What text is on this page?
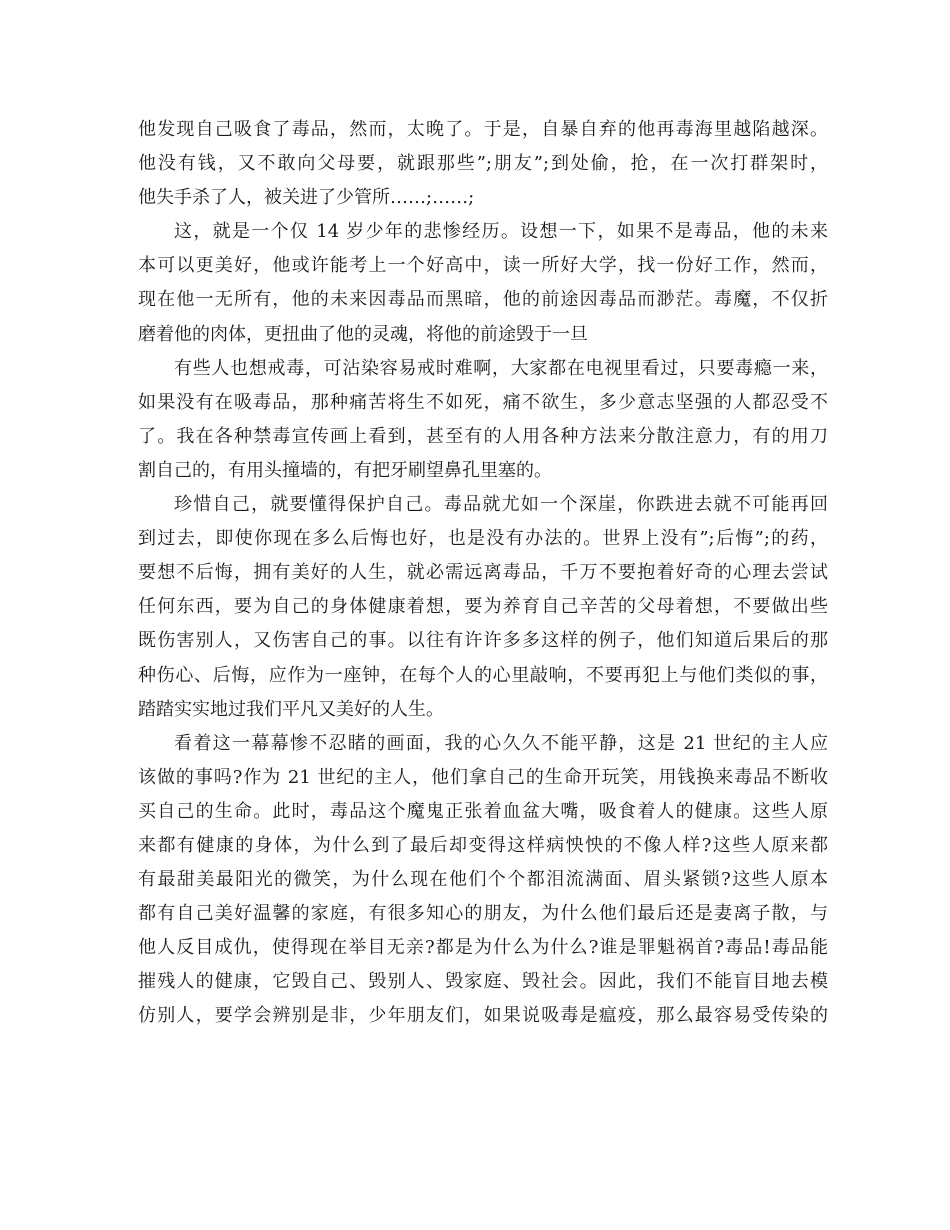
他发现自己吸食了毒品，然而，太晚了。于是，自暴自弃的他再毒海里越陷越深。
他没有钱，又不敢向父母要，就跟那些”;朋友”;到处偷，抢，在一次打群架时，
他失手杀了人，被关进了少管所……;……;
这，就是一个仅 14 岁少年的悲惨经历。设想一下，如果不是毒品，他的未来
本可以更美好，他或许能考上一个好高中，读一所好大学，找一份好工作，然而，
现在他一无所有，他的未来因毒品而黑暗，他的前途因毒品而渺茫。毒魔，不仅折
磨着他的肉体，更扭曲了他的灵魂，将他的前途毁于一旦
有些人也想戒毒，可沾染容易戒时难啊，大家都在电视里看过，只要毒瘾一来，
如果没有在吸毒品，那种痛苦将生不如死，痛不欲生，多少意志坚强的人都忍受不
了。我在各种禁毒宣传画上看到，甚至有的人用各种方法来分散注意力，有的用刀
割自己的，有用头撞墙的，有把牙刷望鼻孔里塞的。
珍惜自己，就要懂得保护自己。毒品就尤如一个深崖，你跌进去就不可能再回
到过去，即使你现在多么后悔也好，也是没有办法的。世界上没有”;后悔”;的药，
要想不后悔，拥有美好的人生，就必需远离毒品，千万不要抱着好奇的心理去尝试
任何东西，要为自己的身体健康着想，要为养育自己辛苦的父母着想，不要做出些
既伤害别人，又伤害自己的事。以往有许许多多这样的例子，他们知道后果后的那
种伤心、后悔，应作为一座钟，在每个人的心里敲响，不要再犯上与他们类似的事，
踏踏实实地过我们平凡又美好的人生。
看着这一幕幕惨不忍睹的画面，我的心久久不能平静，这是 21 世纪的主人应
该做的事吗?作为 21 世纪的主人，他们拿自己的生命开玩笑，用钱换来毒品不断收
买自己的生命。此时，毒品这个魔鬼正张着血盆大嘴，吸食着人的健康。这些人原
来都有健康的身体，为什么到了最后却变得这样病怏怏的不像人样?这些人原来都
有最甜美最阳光的微笑，为什么现在他们个个都泪流满面、眉头紧锁?这些人原本
都有自己美好温馨的家庭，有很多知心的朋友，为什么他们最后还是妻离子散，与
他人反目成仇，使得现在举目无亲?都是为什么为什么?谁是罪魁祸首?毒品!毒品能
摧残人的健康，它毁自己、毁别人、毁家庭、毁社会。因此，我们不能盲目地去模
仿别人，要学会辨别是非，少年朋友们，如果说吸毒是瘟疫，那么最容易受传染的
